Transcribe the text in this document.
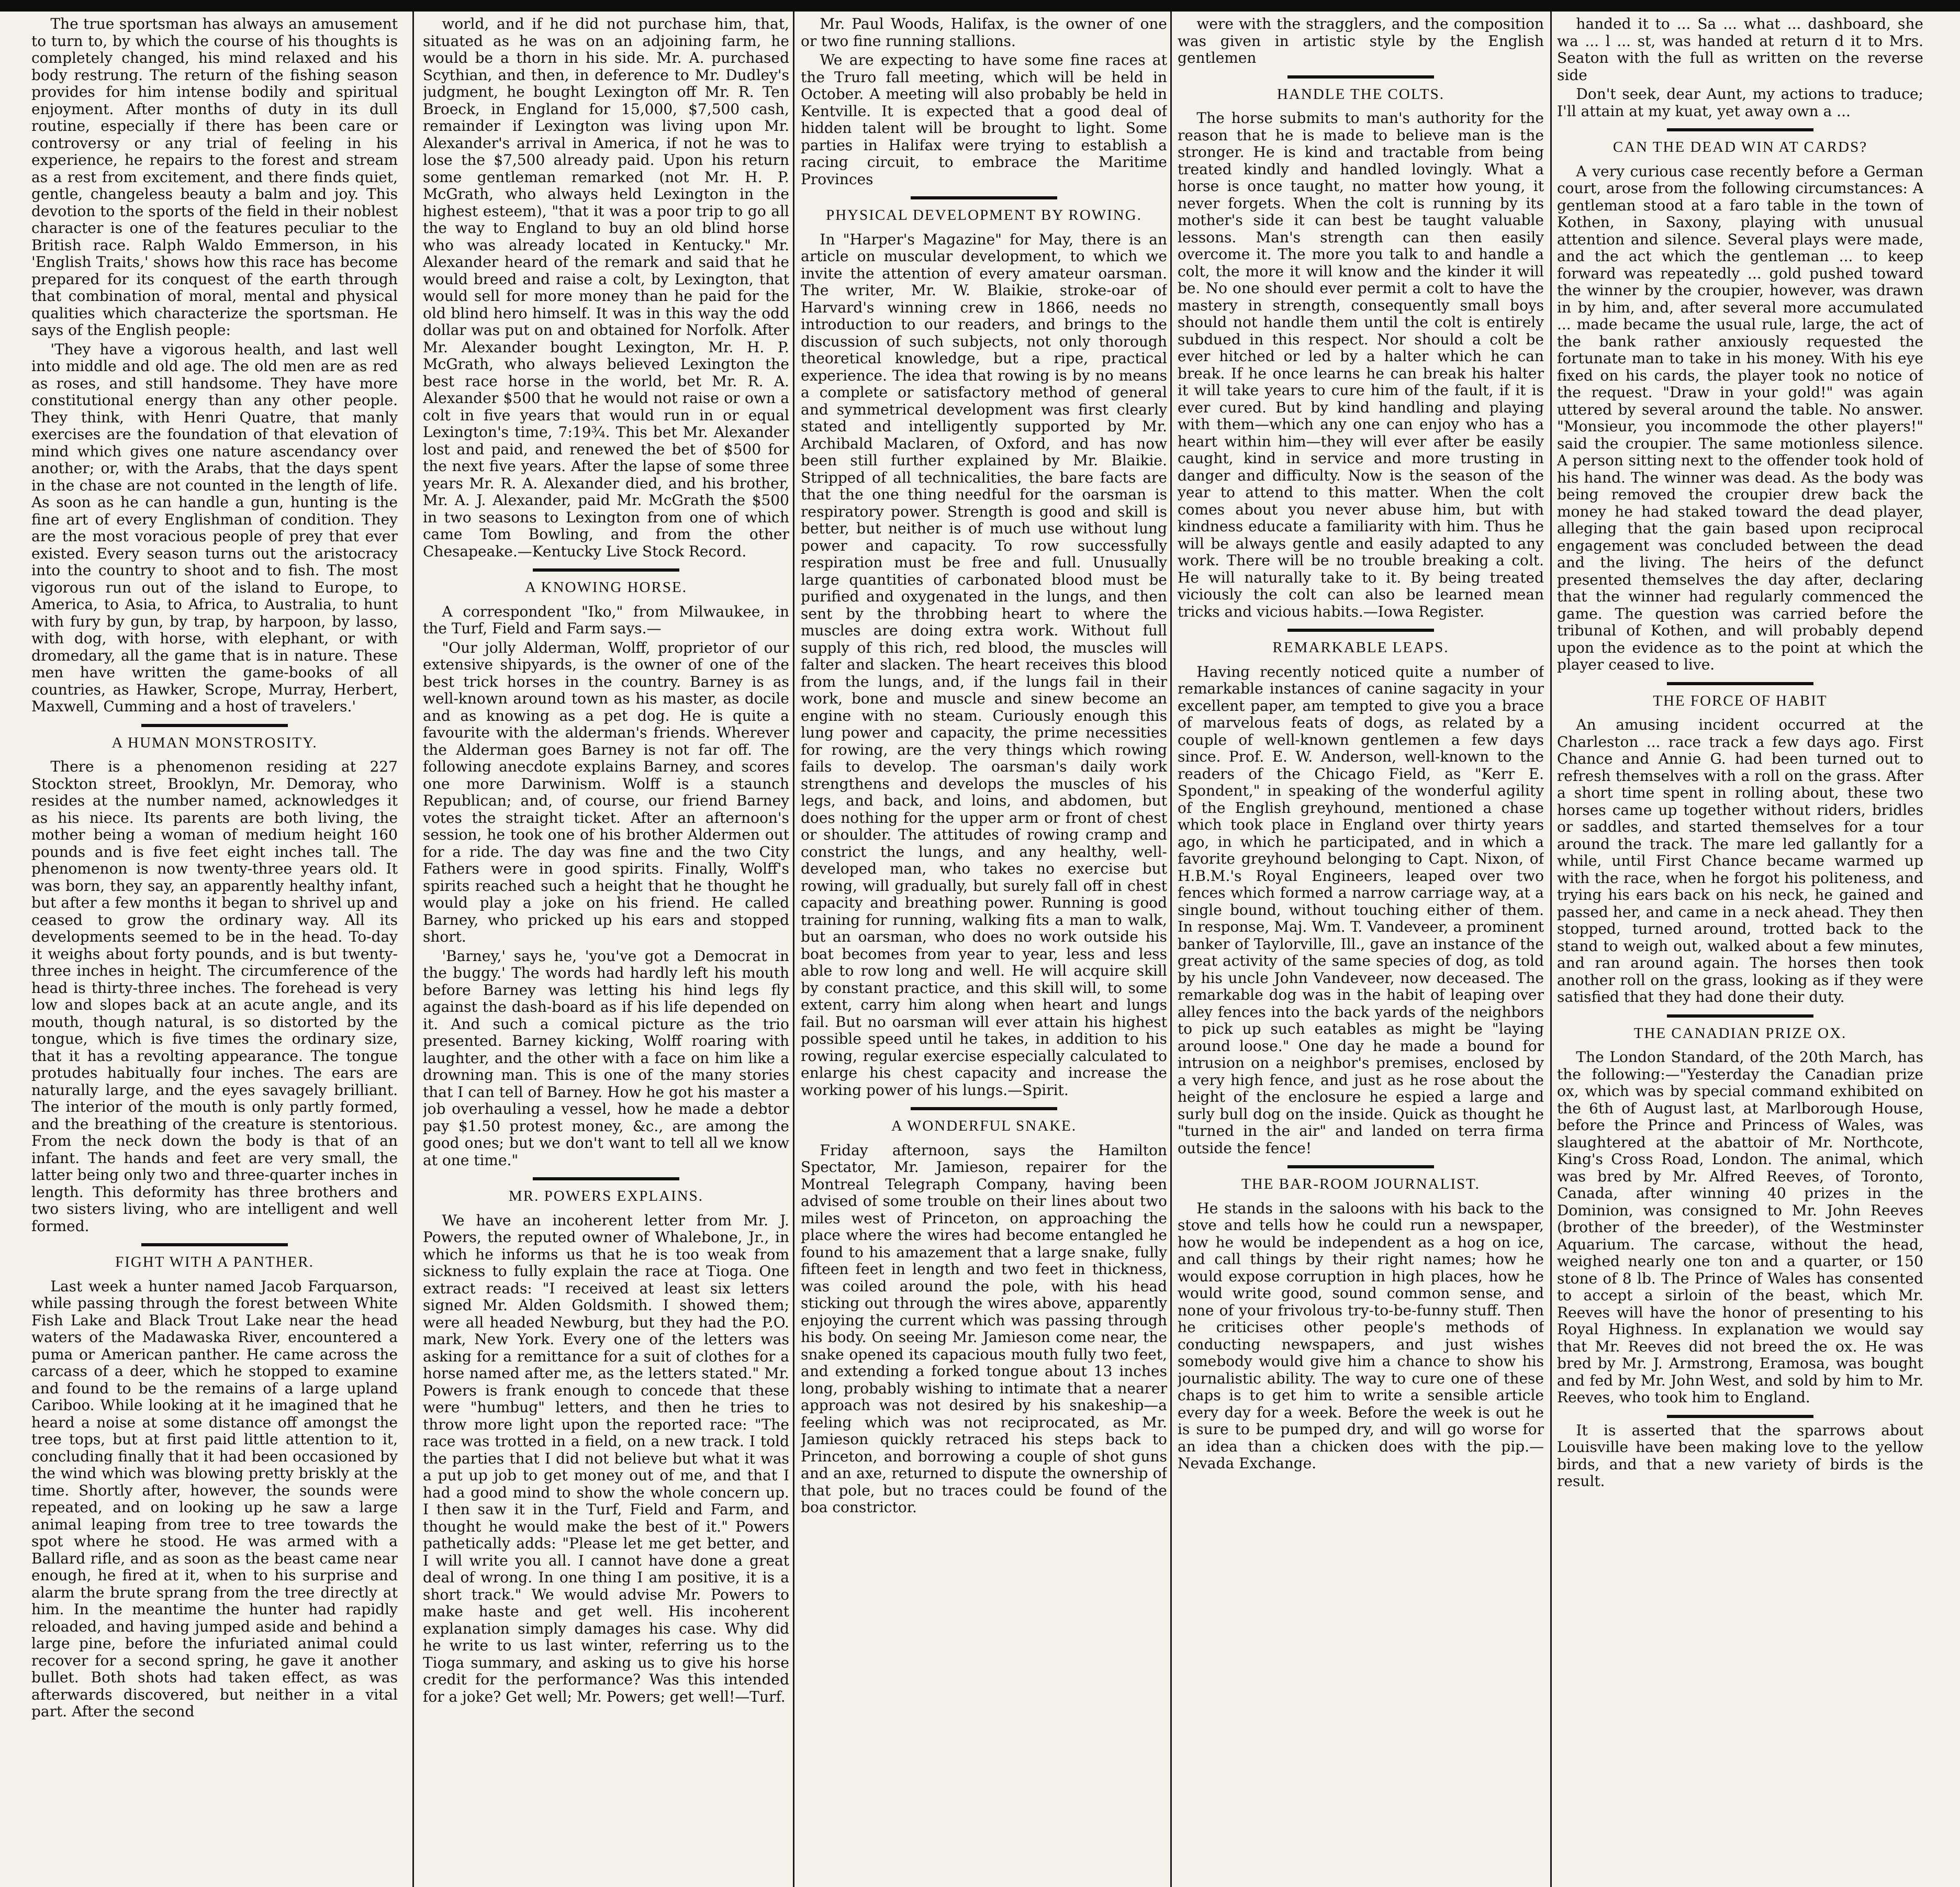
The true sportsman has always an amusement to turn to, by which the course of his thoughts is completely changed, his mind relaxed and his body restrung. The return of the fishing season provides for him intense bodily and spiritual enjoyment. After months of duty in its dull routine, especially if there has been care or controversy or any trial of feeling in his experience, he repairs to the forest and stream as a rest from excitement, and there finds quiet, gentle, changeless beauty a balm and joy. This devotion to the sports of the field in their noblest character is one of the features peculiar to the British race. Ralph Waldo Emmerson, in his 'English Traits,' shows how this race has become prepared for its conquest of the earth through that combination of moral, mental and physical qualities which characterize the sportsman. He says of the English people:

'They have a vigorous health, and last well into middle and old age. The old men are as red as roses, and still handsome. They have more constitutional energy than any other people. They think, with Henri Quatre, that manly exercises are the foundation of that elevation of mind which gives one nature ascendancy over another; or, with the Arabs, that the days spent in the chase are not counted in the length of life. As soon as he can handle a gun, hunting is the fine art of every Englishman of condition. They are the most voracious people of prey that ever existed. Every season turns out the aristocracy into the country to shoot and to fish. The most vigorous run out of the island to Europe, to America, to Asia, to Africa, to Australia, to hunt with fury by gun, by trap, by harpoon, by lasso, with dog, with horse, with elephant, or with dromedary, all the game that is in nature. These men have written the game-books of all countries, as Hawker, Scrope, Murray, Herbert, Maxwell, Cumming and a host of travelers.'

A HUMAN MONSTROSITY.

There is a phenomenon residing at 227 Stockton street, Brooklyn, Mr. Demoray, who resides at the number named, acknowledges it as his niece. Its parents are both living, the mother being a woman of medium height 160 pounds and is five feet eight inches tall. The phenomenon is now twenty-three years old. It was born, they say, an apparently healthy infant, but after a few months it began to shrivel up and ceased to grow the ordinary way. All its developments seemed to be in the head. To-day it weighs about forty pounds, and is but twenty-three inches in height. The circumference of the head is thirty-three inches. The forehead is very low and slopes back at an acute angle, and its mouth, though natural, is so distorted by the tongue, which is five times the ordinary size, that it has a revolting appearance. The tongue protudes habitually four inches. The ears are naturally large, and the eyes savagely brilliant. The interior of the mouth is only partly formed, and the breathing of the creature is stentorious. From the neck down the body is that of an infant. The hands and feet are very small, the latter being only two and three-quarter inches in length. This deformity has three brothers and two sisters living, who are intelligent and well formed.

FIGHT WITH A PANTHER.

Last week a hunter named Jacob Farquarson, while passing through the forest between White Fish Lake and Black Trout Lake near the head waters of the Madawaska River, encountered a puma or American panther. He came across the carcass of a deer, which he stopped to examine and found to be the remains of a large upland Cariboo. While looking at it he imagined that he heard a noise at some distance off amongst the tree tops, but at first paid little attention to it, concluding finally that it had been occasioned by the wind which was blowing pretty briskly at the time. Shortly after, however, the sounds were repeated, and on looking up he saw a large animal leaping from tree to tree towards the spot where he stood. He was armed with a Ballard rifle, and as soon as the beast came near enough, he fired at it, when to his surprise and alarm the brute sprang from the tree directly at him. In the meantime the hunter had rapidly reloaded, and having jumped aside and behind a large pine, before the infuriated animal could recover for a second spring, he gave it another bullet. Both shots had taken effect, as was afterwards discovered, but neither in a vital part. After the second

world, and if he did not purchase him, that, situated as he was on an adjoining farm, he would be a thorn in his side. Mr. A. purchased Scythian, and then, in deference to Mr. Dudley's judgment, he bought Lexington off Mr. R. Ten Broeck, in England for 15,000, $7,500 cash, remainder if Lexington was living upon Mr. Alexander's arrival in America, if not he was to lose the $7,500 already paid. Upon his return some gentleman remarked (not Mr. H. P. McGrath, who always held Lexington in the highest esteem), "that it was a poor trip to go all the way to England to buy an old blind horse who was already located in Kentucky." Mr. Alexander heard of the remark and said that he would breed and raise a colt, by Lexington, that would sell for more money than he paid for the old blind hero himself. It was in this way the odd dollar was put on and obtained for Norfolk. After Mr. Alexander bought Lexington, Mr. H. P. McGrath, who always believed Lexington the best race horse in the world, bet Mr. R. A. Alexander $500 that he would not raise or own a colt in five years that would run in or equal Lexington's time, 7:19¾. This bet Mr. Alexander lost and paid, and renewed the bet of $500 for the next five years. After the lapse of some three years Mr. R. A. Alexander died, and his brother, Mr. A. J. Alexander, paid Mr. McGrath the $500 in two seasons to Lexington from one of which came Tom Bowling, and from the other Chesapeake.—Kentucky Live Stock Record.

A KNOWING HORSE.

A correspondent "Iko," from Milwaukee, in the Turf, Field and Farm says.—

"Our jolly Alderman, Wolff, proprietor of our extensive shipyards, is the owner of one of the best trick horses in the country. Barney is as well-known around town as his master, as docile and as knowing as a pet dog. He is quite a favourite with the alderman's friends. Wherever the Alderman goes Barney is not far off. The following anecdote explains Barney, and scores one more Darwinism. Wolff is a staunch Republican; and, of course, our friend Barney votes the straight ticket. After an afternoon's session, he took one of his brother Aldermen out for a ride. The day was fine and the two City Fathers were in good spirits. Finally, Wolff's spirits reached such a height that he thought he would play a joke on his friend. He called Barney, who pricked up his ears and stopped short.

'Barney,' says he, 'you've got a Democrat in the buggy.' The words had hardly left his mouth before Barney was letting his hind legs fly against the dash-board as if his life depended on it. And such a comical picture as the trio presented. Barney kicking, Wolff roaring with laughter, and the other with a face on him like a drowning man. This is one of the many stories that I can tell of Barney. How he got his master a job overhauling a vessel, how he made a debtor pay $1.50 protest money, &c., are among the good ones; but we don't want to tell all we know at one time."

MR. POWERS EXPLAINS.

We have an incoherent letter from Mr. J. Powers, the reputed owner of Whalebone, Jr., in which he informs us that he is too weak from sickness to fully explain the race at Tioga. One extract reads: "I received at least six letters signed Mr. Alden Goldsmith. I showed them; were all headed Newburg, but they had the P.O. mark, New York. Every one of the letters was asking for a remittance for a suit of clothes for a horse named after me, as the letters stated." Mr. Powers is frank enough to concede that these were "humbug" letters, and then he tries to throw more light upon the reported race: "The race was trotted in a field, on a new track. I told the parties that I did not believe but what it was a put up job to get money out of me, and that I had a good mind to show the whole concern up. I then saw it in the Turf, Field and Farm, and thought he would make the best of it." Powers pathetically adds: "Please let me get better, and I will write you all. I cannot have done a great deal of wrong. In one thing I am positive, it is a short track." We would advise Mr. Powers to make haste and get well. His incoherent explanation simply damages his case. Why did he write to us last winter, referring us to the Tioga summary, and asking us to give his horse credit for the performance? Was this intended for a joke? Get well; Mr. Powers; get well!—Turf.

Mr. Paul Woods, Halifax, is the owner of one or two fine running stallions.

We are expecting to have some fine races at the Truro fall meeting, which will be held in October. A meeting will also probably be held in Kentville. It is expected that a good deal of hidden talent will be brought to light. Some parties in Halifax were trying to establish a racing circuit, to embrace the Maritime Provinces

PHYSICAL DEVELOPMENT BY ROWING.

In "Harper's Magazine" for May, there is an article on muscular development, to which we invite the attention of every amateur oarsman. The writer, Mr. W. Blaikie, stroke-oar of Harvard's winning crew in 1866, needs no introduction to our readers, and brings to the discussion of such subjects, not only thorough theoretical knowledge, but a ripe, practical experience. The idea that rowing is by no means a complete or satisfactory method of general and symmetrical development was first clearly stated and intelligently supported by Mr. Archibald Maclaren, of Oxford, and has now been still further explained by Mr. Blaikie. Stripped of all technicalities, the bare facts are that the one thing needful for the oarsman is respiratory power. Strength is good and skill is better, but neither is of much use without lung power and capacity. To row successfully respiration must be free and full. Unusually large quantities of carbonated blood must be purified and oxygenated in the lungs, and then sent by the throbbing heart to where the muscles are doing extra work. Without full supply of this rich, red blood, the muscles will falter and slacken. The heart receives this blood from the lungs, and, if the lungs fail in their work, bone and muscle and sinew become an engine with no steam. Curiously enough this lung power and capacity, the prime necessities for rowing, are the very things which rowing fails to develop. The oarsman's daily work strengthens and develops the muscles of his legs, and back, and loins, and abdomen, but does nothing for the upper arm or front of chest or shoulder. The attitudes of rowing cramp and constrict the lungs, and any healthy, well-developed man, who takes no exercise but rowing, will gradually, but surely fall off in chest capacity and breathing power. Running is good training for running, walking fits a man to walk, but an oarsman, who does no work outside his boat becomes from year to year, less and less able to row long and well. He will acquire skill by constant practice, and this skill will, to some extent, carry him along when heart and lungs fail. But no oarsman will ever attain his highest possible speed until he takes, in addition to his rowing, regular exercise especially calculated to enlarge his chest capacity and increase the working power of his lungs.—Spirit.

A WONDERFUL SNAKE.

Friday afternoon, says the Hamilton Spectator, Mr. Jamieson, repairer for the Montreal Telegraph Company, having been advised of some trouble on their lines about two miles west of Princeton, on approaching the place where the wires had become entangled he found to his amazement that a large snake, fully fifteen feet in length and two feet in thickness, was coiled around the pole, with his head sticking out through the wires above, apparently enjoying the current which was passing through his body. On seeing Mr. Jamieson come near, the snake opened its capacious mouth fully two feet, and extending a forked tongue about 13 inches long, probably wishing to intimate that a nearer approach was not desired by his snakeship—a feeling which was not reciprocated, as Mr. Jamieson quickly retraced his steps back to Princeton, and borrowing a couple of shot guns and an axe, returned to dispute the ownership of that pole, but no traces could be found of the boa constrictor.

were with the stragglers, and the composition was given in artistic style by the English gentlemen

HANDLE THE COLTS.

The horse submits to man's authority for the reason that he is made to believe man is the stronger. He is kind and tractable from being treated kindly and handled lovingly. What a horse is once taught, no matter how young, it never forgets. When the colt is running by its mother's side it can best be taught valuable lessons. Man's strength can then easily overcome it. The more you talk to and handle a colt, the more it will know and the kinder it will be. No one should ever permit a colt to have the mastery in strength, consequently small boys should not handle them until the colt is entirely subdued in this respect. Nor should a colt be ever hitched or led by a halter which he can break. If he once learns he can break his halter it will take years to cure him of the fault, if it is ever cured. But by kind handling and playing with them—which any one can enjoy who has a heart within him—they will ever after be easily caught, kind in service and more trusting in danger and difficulty. Now is the season of the year to attend to this matter. When the colt comes about you never abuse him, but with kindness educate a familiarity with him. Thus he will be always gentle and easily adapted to any work. There will be no trouble breaking a colt. He will naturally take to it. By being treated viciously the colt can also be learned mean tricks and vicious habits.—Iowa Register.

REMARKABLE LEAPS.

Having recently noticed quite a number of remarkable instances of canine sagacity in your excellent paper, am tempted to give you a brace of marvelous feats of dogs, as related by a couple of well-known gentlemen a few days since. Prof. E. W. Anderson, well-known to the readers of the Chicago Field, as "Kerr E. Spondent," in speaking of the wonderful agility of the English greyhound, mentioned a chase which took place in England over thirty years ago, in which he participated, and in which a favorite greyhound belonging to Capt. Nixon, of H.B.M.'s Royal Engineers, leaped over two fences which formed a narrow carriage way, at a single bound, without touching either of them. In response, Maj. Wm. T. Vandeveer, a prominent banker of Taylorville, Ill., gave an instance of the great activity of the same species of dog, as told by his uncle John Vandeveer, now deceased. The remarkable dog was in the habit of leaping over alley fences into the back yards of the neighbors to pick up such eatables as might be "laying around loose." One day he made a bound for intrusion on a neighbor's premises, enclosed by a very high fence, and just as he rose about the height of the enclosure he espied a large and surly bull dog on the inside. Quick as thought he "turned in the air" and landed on terra firma outside the fence!

THE BAR-ROOM JOURNALIST.

He stands in the saloons with his back to the stove and tells how he could run a newspaper, how he would be independent as a hog on ice, and call things by their right names; how he would expose corruption in high places, how he would write good, sound common sense, and none of your frivolous try-to-be-funny stuff. Then he criticises other people's methods of conducting newspapers, and just wishes somebody would give him a chance to show his journalistic ability. The way to cure one of these chaps is to get him to write a sensible article every day for a week. Before the week is out he is sure to be pumped dry, and will go worse for an idea than a chicken does with the pip.—Nevada Exchange.

handed it to ... Sa ... what ... dashboard, she wa ... l ... st, was handed at return d it to Mrs. Seaton with the full as written on the reverse side

Don't seek, dear Aunt, my actions to traduce; I'll attain at my kuat, yet away own a ...

CAN THE DEAD WIN AT CARDS?

A very curious case recently before a German court, arose from the following circumstances: A gentleman stood at a faro table in the town of Kothen, in Saxony, playing with unusual attention and silence. Several plays were made, and the act which the gentleman ... to keep forward was repeatedly ... gold pushed toward the winner by the croupier, however, was drawn in by him, and, after several more accumulated ... made became the usual rule, large, the act of the bank rather anxiously requested the fortunate man to take in his money. With his eye fixed on his cards, the player took no notice of the request. "Draw in your gold!" was again uttered by several around the table. No answer. "Monsieur, you incommode the other players!" said the croupier. The same motionless silence. A person sitting next to the offender took hold of his hand. The winner was dead. As the body was being removed the croupier drew back the money he had staked toward the dead player, alleging that the gain based upon reciprocal engagement was concluded between the dead and the living. The heirs of the defunct presented themselves the day after, declaring that the winner had regularly commenced the game. The question was carried before the tribunal of Kothen, and will probably depend upon the evidence as to the point at which the player ceased to live.

THE FORCE OF HABIT

An amusing incident occurred at the Charleston ... race track a few days ago. First Chance and Annie G. had been turned out to refresh themselves with a roll on the grass. After a short time spent in rolling about, these two horses came up together without riders, bridles or saddles, and started themselves for a tour around the track. The mare led gallantly for a while, until First Chance became warmed up with the race, when he forgot his politeness, and trying his ears back on his neck, he gained and passed her, and came in a neck ahead. They then stopped, turned around, trotted back to the stand to weigh out, walked about a few minutes, and ran around again. The horses then took another roll on the grass, looking as if they were satisfied that they had done their duty.

THE CANADIAN PRIZE OX.

The London Standard, of the 20th March, has the following:—"Yesterday the Canadian prize ox, which was by special command exhibited on the 6th of August last, at Marlborough House, before the Prince and Princess of Wales, was slaughtered at the abattoir of Mr. Northcote, King's Cross Road, London. The animal, which was bred by Mr. Alfred Reeves, of Toronto, Canada, after winning 40 prizes in the Dominion, was consigned to Mr. John Reeves (brother of the breeder), of the Westminster Aquarium. The carcase, without the head, weighed nearly one ton and a quarter, or 150 stone of 8 lb. The Prince of Wales has consented to accept a sirloin of the beast, which Mr. Reeves will have the honor of presenting to his Royal Highness. In explanation we would say that Mr. Reeves did not breed the ox. He was bred by Mr. J. Armstrong, Eramosa, was bought and fed by Mr. John West, and sold by him to Mr. Reeves, who took him to England.

It is asserted that the sparrows about Louisville have been making love to the yellow birds, and that a new variety of birds is the result.
